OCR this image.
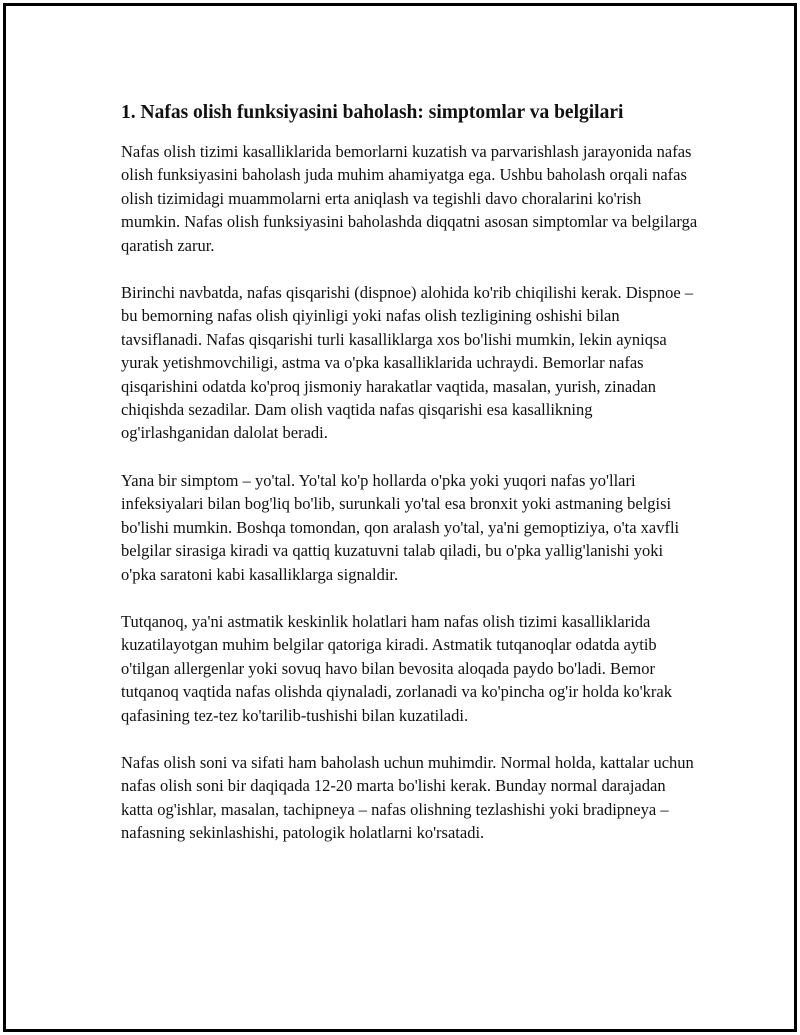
1. Nafas olish funksiyasini baholash: simptomlar va belgilari

Nafas olish tizimi kasalliklarida bemorlarni kuzatish va parvarishlash jarayonida nafas olish funksiyasini baholash juda muhim ahamiyatga ega. Ushbu baholash orqali nafas olish tizimidagi muammolarni erta aniqlash va tegishli davo choralarini ko'rish mumkin. Nafas olish funksiyasini baholashda diqqatni asosan simptomlar va belgilarga qaratish zarur.

Birinchi navbatda, nafas qisqarishi (dispnoe) alohida ko'rib chiqilishi kerak. Dispnoe – bu bemorning nafas olish qiyinligi yoki nafas olish tezligining oshishi bilan tavsiflanadi. Nafas qisqarishi turli kasalliklarga xos bo'lishi mumkin, lekin ayniqsa yurak yetishmovchiligi, astma va o'pka kasalliklarida uchraydi. Bemorlar nafas qisqarishini odatda ko'proq jismoniy harakatlar vaqtida, masalan, yurish, zinadan chiqishda sezadilar. Dam olish vaqtida nafas qisqarishi esa kasallikning og'irlashganidan dalolat beradi.

Yana bir simptom – yo'tal. Yo'tal ko'p hollarda o'pka yoki yuqori nafas yo'llari infeksiyalari bilan bog'liq bo'lib, surunkali yo'tal esa bronxit yoki astmaning belgisi bo'lishi mumkin. Boshqa tomondan, qon aralash yo'tal, ya'ni gemoptiziya, o'ta xavfli belgilar sirasiga kiradi va qattiq kuzatuvni talab qiladi, bu o'pka yallig'lanishi yoki o'pka saratoni kabi kasalliklarga signaldir.

Tutqanoq, ya'ni astmatik keskinlik holatlari ham nafas olish tizimi kasalliklarida kuzatilayotgan muhim belgilar qatoriga kiradi. Astmatik tutqanoqlar odatda aytib o'tilgan allergenlar yoki sovuq havo bilan bevosita aloqada paydo bo'ladi. Bemor tutqanoq vaqtida nafas olishda qiynaladi, zorlanadi va ko'pincha og'ir holda ko'krak qafasining tez-tez ko'tarilib-tushishi bilan kuzatiladi.

Nafas olish soni va sifati ham baholash uchun muhimdir. Normal holda, kattalar uchun nafas olish soni bir daqiqada 12-20 marta bo'lishi kerak. Bunday normal darajadan katta og'ishlar, masalan, tachipneya – nafas olishning tezlashishi yoki bradipneya – nafasning sekinlashishi, patologik holatlarni ko'rsatadi.
